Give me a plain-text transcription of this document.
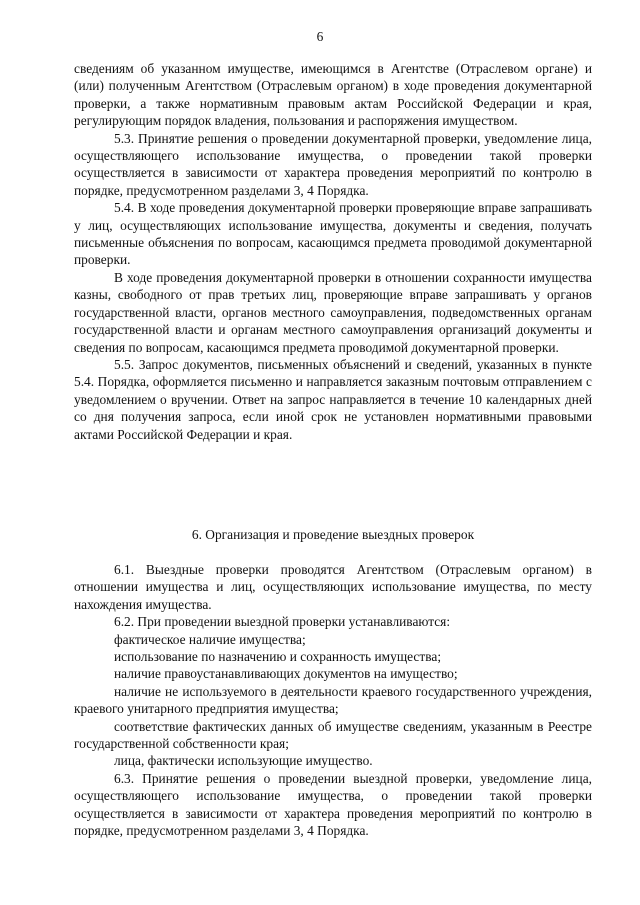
6

сведениям об указанном имуществе, имеющимся в Агентстве (Отраслевом органе) и (или) полученным Агентством (Отраслевым органом) в ходе проведения документарной проверки, а также нормативным правовым актам Российской Федерации и края, регулирующим порядок владения, пользования и распоряжения имуществом.

5.3. Принятие решения о проведении документарной проверки, уведомление лица, осуществляющего использование имущества, о проведении такой проверки осуществляется в зависимости от характера проведения мероприятий по контролю в порядке, предусмотренном разделами 3, 4 Порядка.

5.4. В ходе проведения документарной проверки проверяющие вправе запрашивать у лиц, осуществляющих использование имущества, документы и сведения, получать письменные объяснения по вопросам, касающимся предмета проводимой документарной проверки.

В ходе проведения документарной проверки в отношении сохранности имущества казны, свободного от прав третьих лиц, проверяющие вправе запрашивать у органов государственной власти, органов местного самоуправления, подведомственных органам государственной власти и органам местного самоуправления организаций документы и сведения по вопросам, касающимся предмета проводимой документарной проверки.

5.5. Запрос документов, письменных объяснений и сведений, указанных в пункте 5.4. Порядка, оформляется письменно и направляется заказным почтовым отправлением с уведомлением о вручении. Ответ на запрос направляется в течение 10 календарных дней со дня получения запроса, если иной срок не установлен нормативными правовыми актами Российской Федерации и края.

6. Организация и проведение выездных проверок

6.1. Выездные проверки проводятся Агентством (Отраслевым органом) в отношении имущества и лиц, осуществляющих использование имущества, по месту нахождения имущества.

6.2. При проведении выездной проверки устанавливаются:

фактическое наличие имущества;

использование по назначению и сохранность имущества;

наличие правоустанавливающих документов на имущество;

наличие не используемого в деятельности краевого государственного учреждения, краевого унитарного предприятия имущества;

соответствие фактических данных об имуществе сведениям, указанным в Реестре государственной собственности края;

лица, фактически использующие имущество.

6.3. Принятие решения о проведении выездной проверки, уведомление лица, осуществляющего использование имущества, о проведении такой проверки осуществляется в зависимости от характера проведения мероприятий по контролю в порядке, предусмотренном разделами 3, 4 Порядка.
